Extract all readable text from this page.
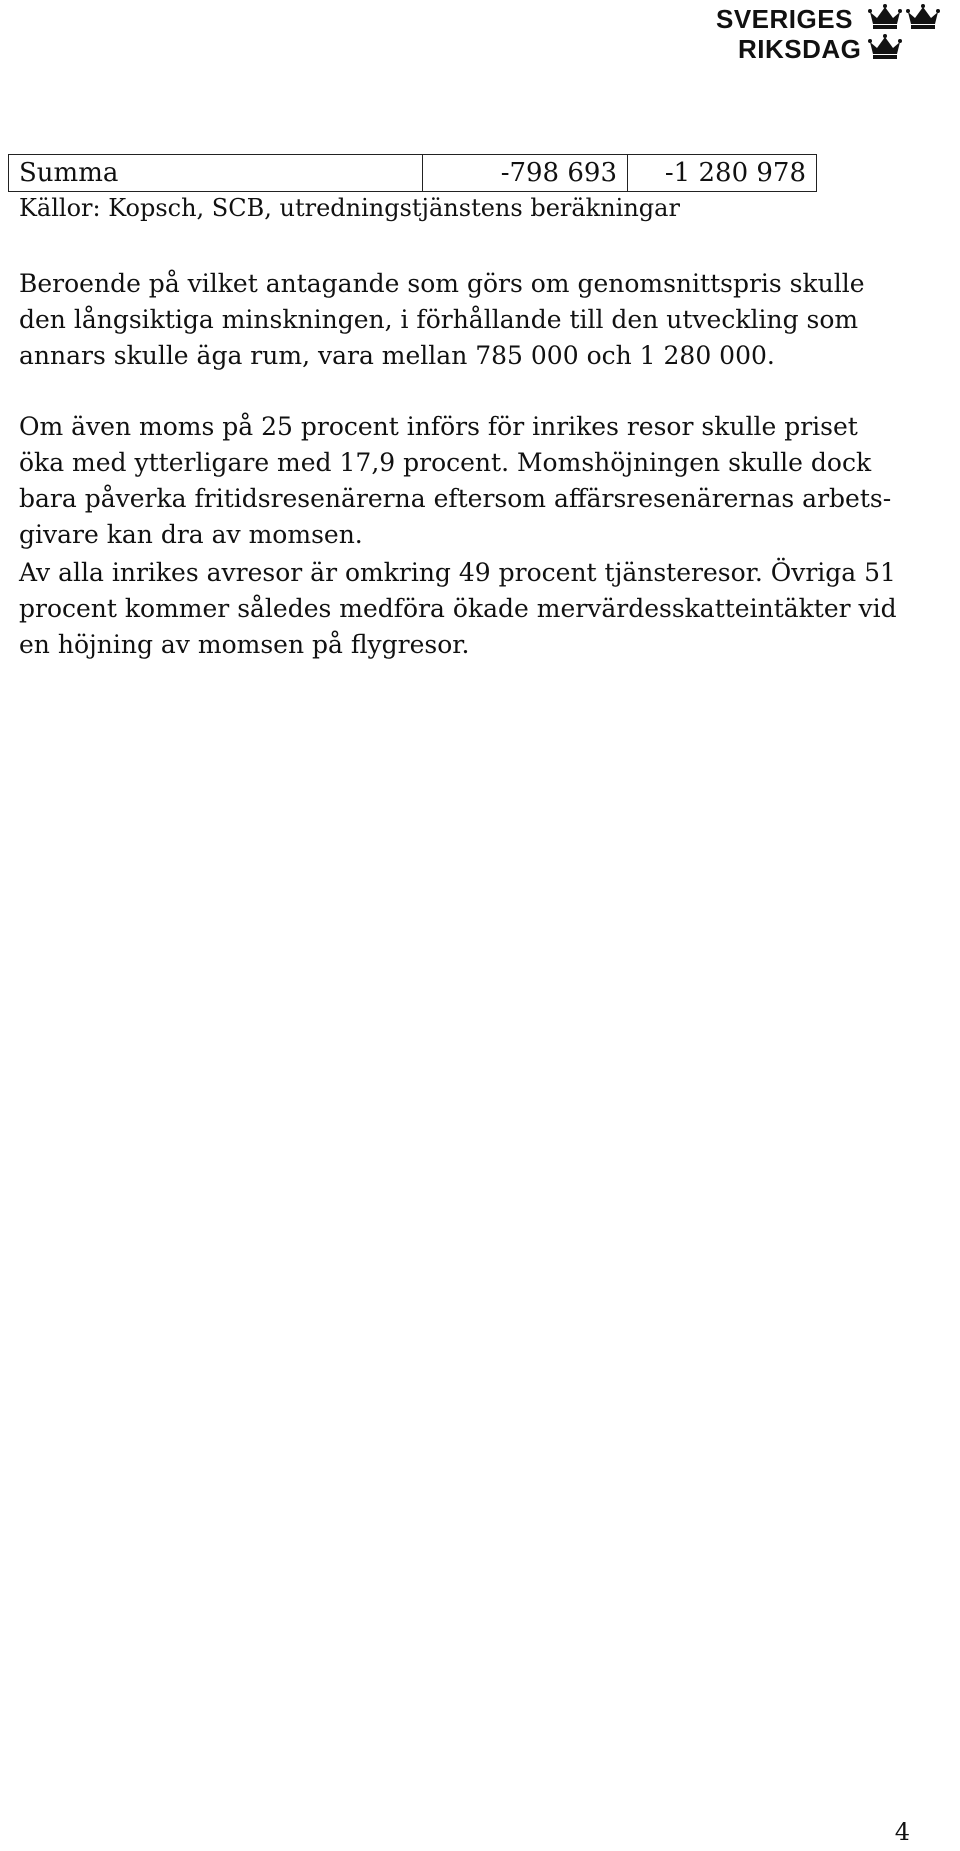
SVERIGES
RIKSDAG
Summa	-798 693	-1 280 978
Källor: Kopsch, SCB, utredningstjänstens beräkningar

Beroende på vilket antagande som görs om genomsnittspris skulle
den långsiktiga minskningen, i förhållande till den utveckling som
annars skulle äga rum, vara mellan 785 000 och 1 280 000.

Om även moms på 25 procent införs för inrikes resor skulle priset
öka med ytterligare med 17,9 procent. Momshöjningen skulle dock
bara påverka fritidsresenärerna eftersom affärsresenärernas arbets-
givare kan dra av momsen.

Av alla inrikes avresor är omkring 49 procent tjänsteresor. Övriga 51
procent kommer således medföra ökade mervärdesskatteintäkter vid
en höjning av momsen på flygresor.

4
